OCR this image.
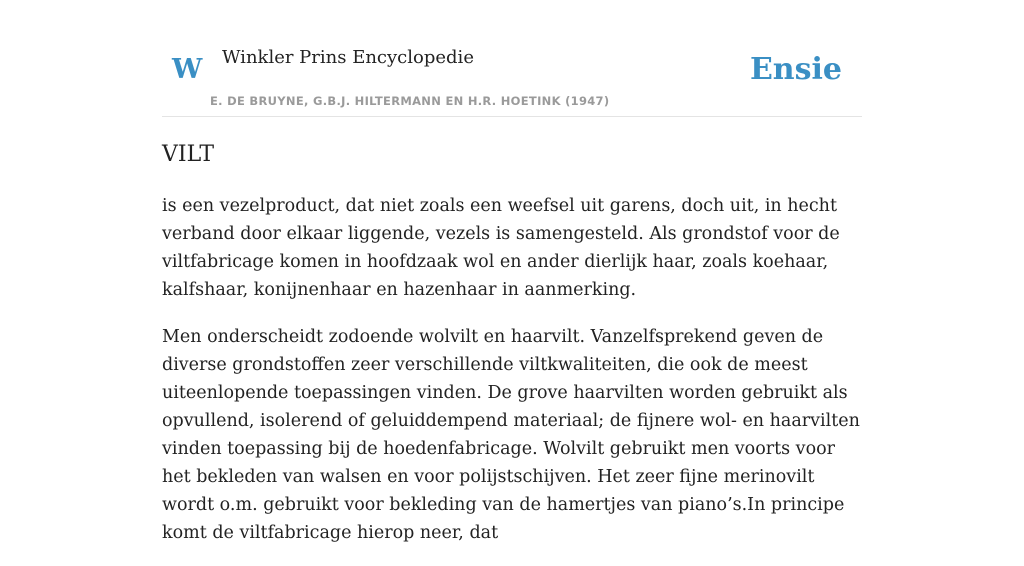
W Winkler Prins Encyclopedie
E. DE BRUYNE, G.B.J. HILTERMANN EN H.R. HOETINK (1947)
Ensie
VILT

is een vezelproduct, dat niet zoals een weefsel uit garens, doch uit, in hecht verband door elkaar liggende, vezels is samengesteld. Als grondstof voor de viltfabricage komen in hoofdzaak wol en ander dierlijk haar, zoals koehaar, kalfshaar, konijnenhaar en hazenhaar in aanmerking.

Men onderscheidt zodoende wolvilt en haarvilt. Vanzelfsprekend geven de diverse grondstoffen zeer verschillende viltkwaliteiten, die ook de meest uiteenlopende toepassingen vinden. De grove haarvilten worden gebruikt als opvullend, isolerend of geluiddempend materiaal; de fijnere wol- en haarvilten vinden toepassing bij de hoedenfabricage. Wolvilt gebruikt men voorts voor het bekleden van walsen en voor polijstschijven. Het zeer fijne merinovilt wordt o.m. gebruikt voor bekleding van de hamertjes van piano’s.In principe komt de viltfabricage hierop neer, dat
